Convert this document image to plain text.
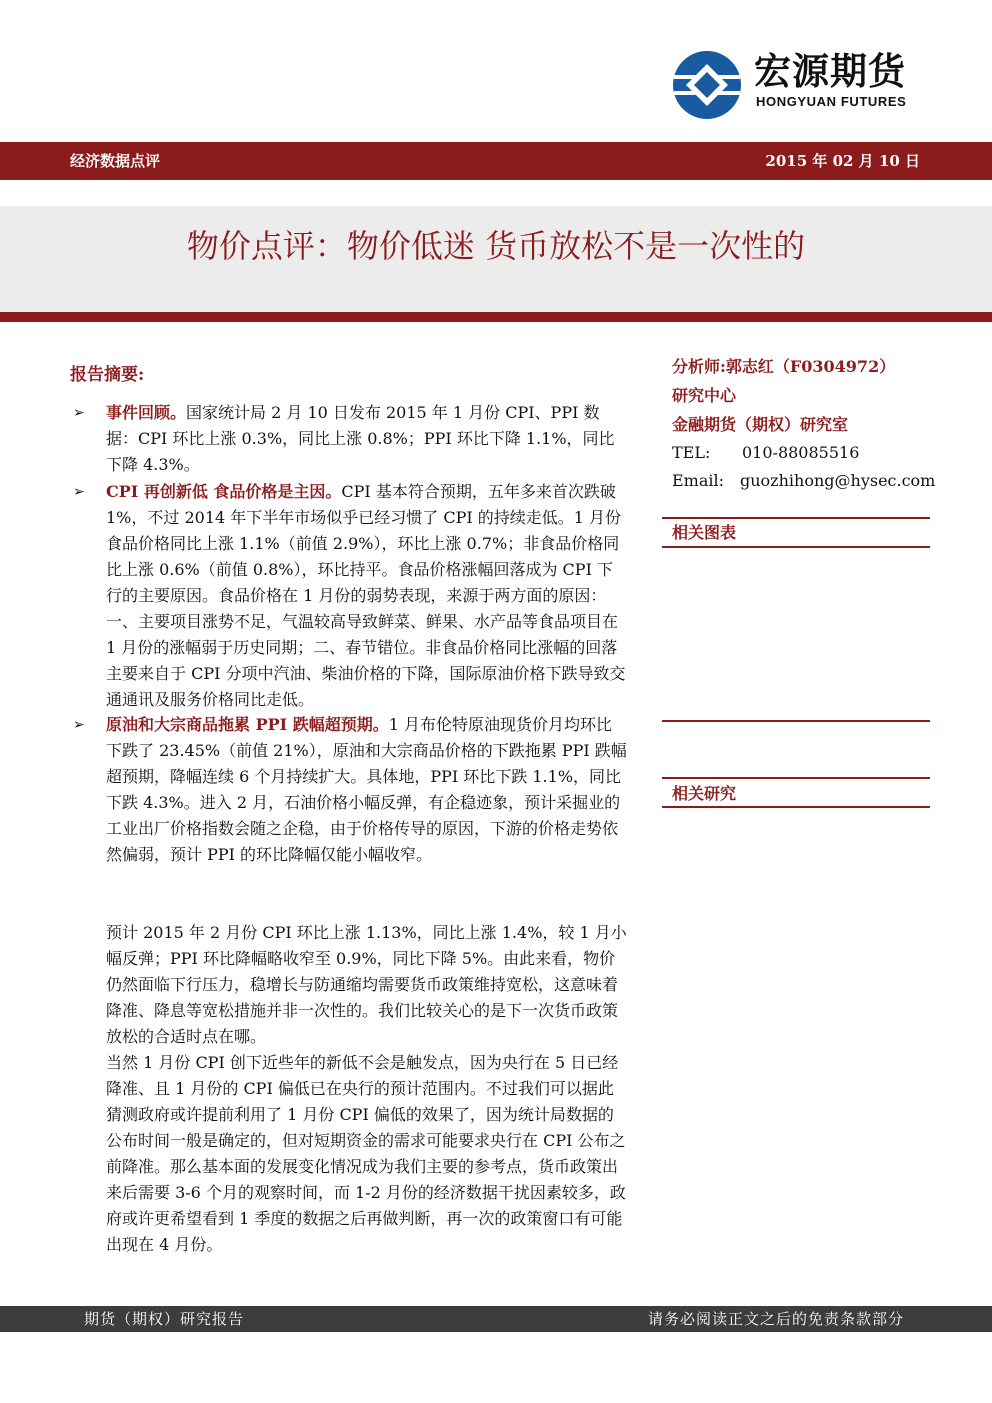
宏源期货
HONGYUAN FUTURES
经济数据点评	2015 年 02 月 10 日
物价点评：物价低迷 货币放松不是一次性的
报告摘要:
➢ 事件回顾。国家统计局 2 月 10 日发布 2015 年 1 月份 CPI、PPI 数据：CPI 环比上涨 0.3%，同比上涨 0.8%；PPI 环比下降 1.1%，同比下降 4.3%。
➢ CPI 再创新低 食品价格是主因。CPI 基本符合预期，五年多来首次跌破 1%，不过 2014 年下半年市场似乎已经习惯了 CPI 的持续走低。1 月份食品价格同比上涨 1.1%（前值 2.9%），环比上涨 0.7%；非食品价格同比上涨 0.6%（前值 0.8%），环比持平。食品价格涨幅回落成为 CPI 下行的主要原因。食品价格在 1 月份的弱势表现，来源于两方面的原因：一、主要项目涨势不足，气温较高导致鲜菜、鲜果、水产品等食品项目在 1 月份的涨幅弱于历史同期；二、春节错位。非食品价格同比涨幅的回落主要来自于 CPI 分项中汽油、柴油价格的下降，国际原油价格下跌导致交通通讯及服务价格同比走低。
➢ 原油和大宗商品拖累 PPI 跌幅超预期。1 月布伦特原油现货价月均环比下跌了 23.45%（前值 21%），原油和大宗商品价格的下跌拖累 PPI 跌幅超预期，降幅连续 6 个月持续扩大。具体地，PPI 环比下跌 1.1%，同比下跌 4.3%。进入 2 月，石油价格小幅反弹，有企稳迹象，预计采掘业的工业出厂价格指数会随之企稳，由于价格传导的原因，下游的价格走势依然偏弱，预计 PPI 的环比降幅仅能小幅收窄。
预计 2015 年 2 月份 CPI 环比上涨 1.13%，同比上涨 1.4%，较 1 月小幅反弹；PPI 环比降幅略收窄至 0.9%，同比下降 5%。由此来看，物价仍然面临下行压力，稳增长与防通缩均需要货币政策维持宽松，这意味着降准、降息等宽松措施并非一次性的。我们比较关心的是下一次货币政策放松的合适时点在哪。
当然 1 月份 CPI 创下近些年的新低不会是触发点，因为央行在 5 日已经降准、且 1 月份的 CPI 偏低已在央行的预计范围内。不过我们可以据此猜测政府或许提前利用了 1 月份 CPI 偏低的效果了，因为统计局数据的公布时间一般是确定的，但对短期资金的需求可能要求央行在 CPI 公布之前降准。那么基本面的发展变化情况成为我们主要的参考点，货币政策出来后需要 3-6 个月的观察时间，而 1-2 月份的经济数据干扰因素较多，政府或许更希望看到 1 季度的数据之后再做判断，再一次的政策窗口有可能出现在 4 月份。
分析师:郭志红（F0304972）
研究中心
金融期货（期权）研究室
TEL: 010-88085516
Email: guozhihong@hysec.com
相关图表
相关研究
期货（期权）研究报告	请务必阅读正文之后的免责条款部分
